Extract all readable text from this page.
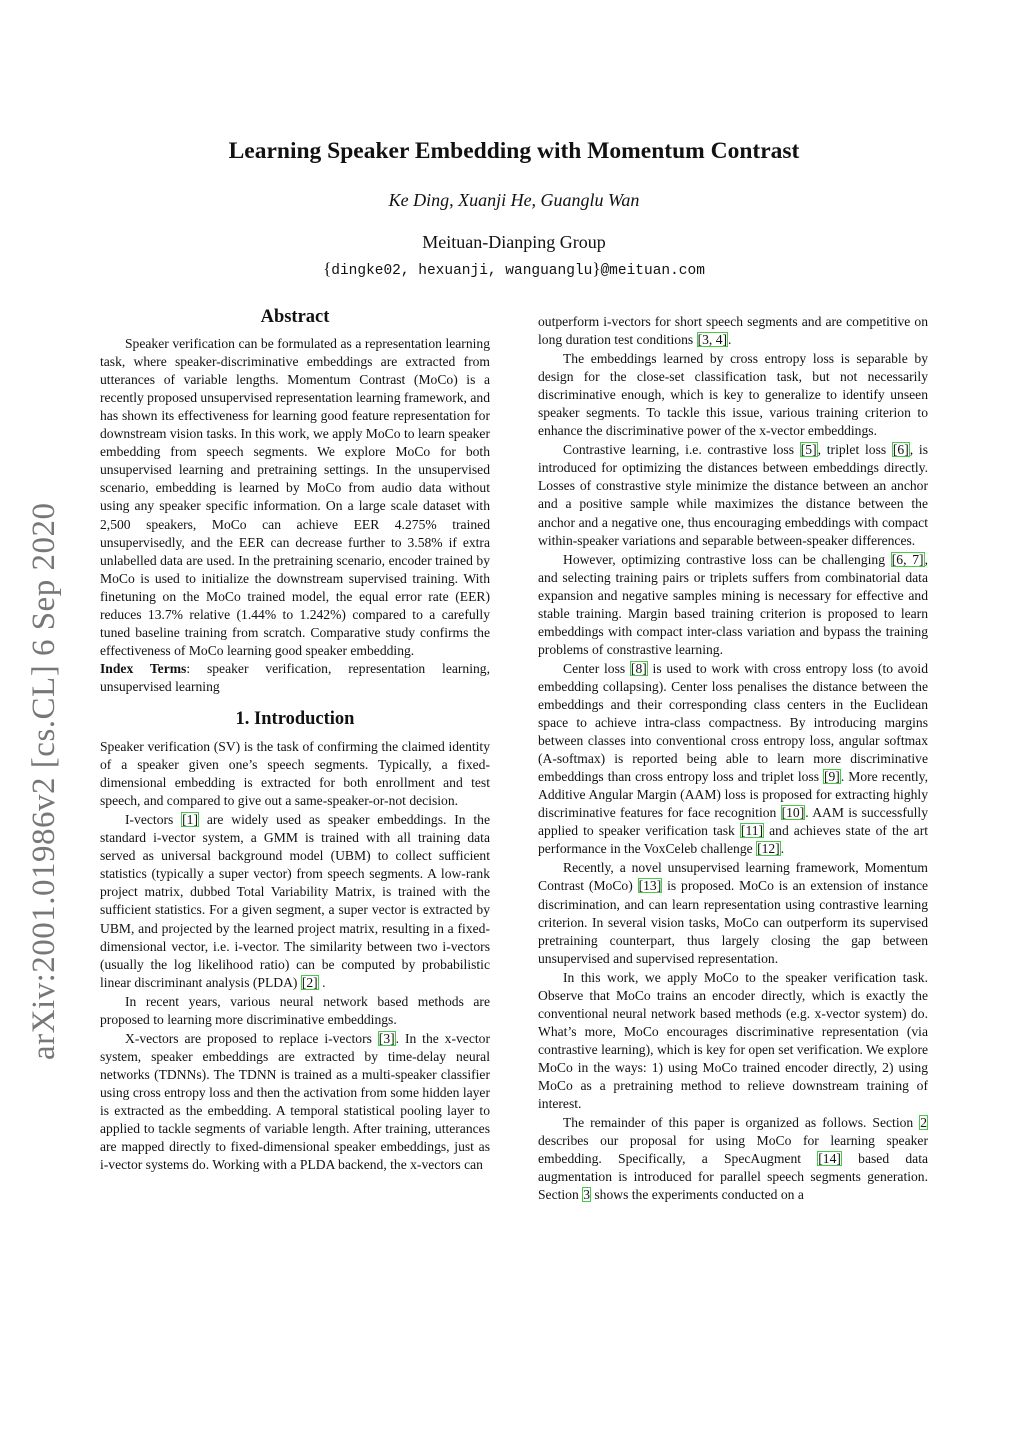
arXiv:2001.01986v2 [cs.CL] 6 Sep 2020
Learning Speaker Embedding with Momentum Contrast
Ke Ding, Xuanji He, Guanglu Wan
Meituan-Dianping Group
{dingke02, hexuanji, wanguanglu}@meituan.com
Abstract

Speaker verification can be formulated as a representation learning task, where speaker-discriminative embeddings are extracted from utterances of variable lengths. Momentum Contrast (MoCo) is a recently proposed unsupervised representation learning framework, and has shown its effectiveness for learning good feature representation for downstream vision tasks. In this work, we apply MoCo to learn speaker embedding from speech segments. We explore MoCo for both unsupervised learning and pretraining settings. In the unsupervised scenario, embedding is learned by MoCo from audio data without using any speaker specific information. On a large scale dataset with 2,500 speakers, MoCo can achieve EER 4.275% trained unsupervisedly, and the EER can decrease further to 3.58% if extra unlabelled data are used. In the pretraining scenario, encoder trained by MoCo is used to initialize the downstream supervised training. With finetuning on the MoCo trained model, the equal error rate (EER) reduces 13.7% relative (1.44% to 1.242%) compared to a carefully tuned baseline training from scratch. Comparative study confirms the effectiveness of MoCo learning good speaker embedding.

Index Terms: speaker verification, representation learning, unsupervised learning

1. Introduction

Speaker verification (SV) is the task of confirming the claimed identity of a speaker given one’s speech segments. Typically, a fixed-dimensional embedding is extracted for both enrollment and test speech, and compared to give out a same-speaker-or-not decision.

I-vectors [1] are widely used as speaker embeddings. In the standard i-vector system, a GMM is trained with all training data served as universal background model (UBM) to collect sufficient statistics (typically a super vector) from speech segments. A low-rank project matrix, dubbed Total Variability Matrix, is trained with the sufficient statistics. For a given segment, a super vector is extracted by UBM, and projected by the learned project matrix, resulting in a fixed-dimensional vector, i.e. i-vector. The similarity between two i-vectors (usually the log likelihood ratio) can be computed by probabilistic linear discriminant analysis (PLDA) [2] .

In recent years, various neural network based methods are proposed to learning more discriminative embeddings.

X-vectors are proposed to replace i-vectors [3]. In the x-vector system, speaker embeddings are extracted by time-delay neural networks (TDNNs). The TDNN is trained as a multi-speaker classifier using cross entropy loss and then the activation from some hidden layer is extracted as the embedding. A temporal statistical pooling layer to applied to tackle segments of variable length. After training, utterances are mapped directly to fixed-dimensional speaker embeddings, just as i-vector systems do. Working with a PLDA backend, the x-vectors can

outperform i-vectors for short speech segments and are competitive on long duration test conditions [3, 4].

The embeddings learned by cross entropy loss is separable by design for the close-set classification task, but not necessarily discriminative enough, which is key to generalize to identify unseen speaker segments. To tackle this issue, various training criterion to enhance the discriminative power of the x-vector embeddings.

Contrastive learning, i.e. contrastive loss [5], triplet loss [6], is introduced for optimizing the distances between embeddings directly. Losses of constrastive style minimize the distance between an anchor and a positive sample while maximizes the distance between the anchor and a negative one, thus encouraging embeddings with compact within-speaker variations and separable between-speaker differences.

However, optimizing contrastive loss can be challenging [6, 7], and selecting training pairs or triplets suffers from combinatorial data expansion and negative samples mining is necessary for effective and stable training. Margin based training criterion is proposed to learn embeddings with compact inter-class variation and bypass the training problems of constrastive learning.

Center loss [8] is used to work with cross entropy loss (to avoid embedding collapsing). Center loss penalises the distance between the embeddings and their corresponding class centers in the Euclidean space to achieve intra-class compactness. By introducing margins between classes into conventional cross entropy loss, angular softmax (A-softmax) is reported being able to learn more discriminative embeddings than cross entropy loss and triplet loss [9]. More recently, Additive Angular Margin (AAM) loss is proposed for extracting highly discriminative features for face recognition [10]. AAM is successfully applied to speaker verification task [11] and achieves state of the art performance in the VoxCeleb challenge [12].

Recently, a novel unsupervised learning framework, Momentum Contrast (MoCo) [13] is proposed. MoCo is an extension of instance discrimination, and can learn representation using contrastive learning criterion. In several vision tasks, MoCo can outperform its supervised pretraining counterpart, thus largely closing the gap between unsupervised and supervised representation.

In this work, we apply MoCo to the speaker verification task. Observe that MoCo trains an encoder directly, which is exactly the conventional neural network based methods (e.g. x-vector system) do. What’s more, MoCo encourages discriminative representation (via contrastive learning), which is key for open set verification. We explore MoCo in the ways: 1) using MoCo trained encoder directly, 2) using MoCo as a pretraining method to relieve downstream training of interest.

The remainder of this paper is organized as follows. Section 2 describes our proposal for using MoCo for learning speaker embedding. Specifically, a SpecAugment [14] based data augmentation is introduced for parallel speech segments generation. Section 3 shows the experiments conducted on a
